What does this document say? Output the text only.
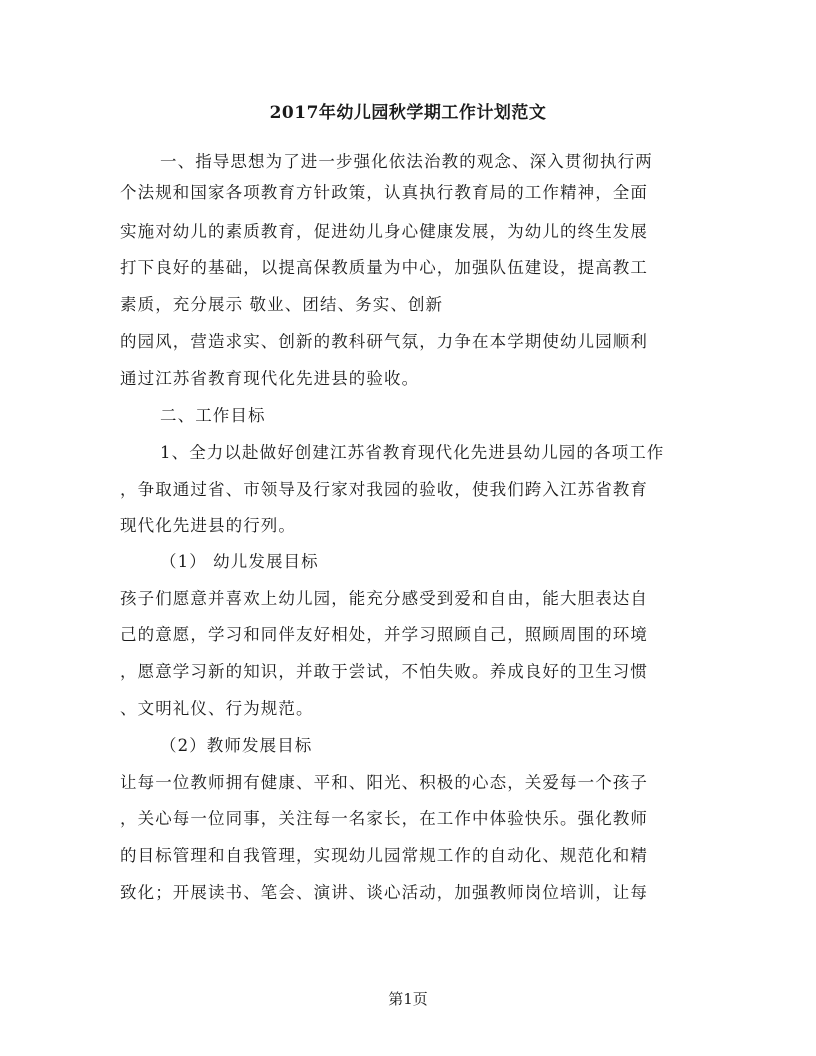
2017年幼儿园秋学期工作计划范文
一、指导思想为了进一步强化依法治教的观念、深入贯彻执行两
个法规和国家各项教育方针政策，认真执行教育局的工作精神，全面
实施对幼儿的素质教育，促进幼儿身心健康发展，为幼儿的终生发展
打下良好的基础，以提高保教质量为中心，加强队伍建设，提高教工
素质，充分展示 敬业、团结、务实、创新
的园风，营造求实、创新的教科研气氛，力争在本学期使幼儿园顺利
通过江苏省教育现代化先进县的验收。
二、工作目标
1、全力以赴做好创建江苏省教育现代化先进县幼儿园的各项工作
，争取通过省、市领导及行家对我园的验收，使我们跨入江苏省教育
现代化先进县的行列。
（1） 幼儿发展目标
孩子们愿意并喜欢上幼儿园，能充分感受到爱和自由，能大胆表达自
己的意愿，学习和同伴友好相处，并学习照顾自己，照顾周围的环境
，愿意学习新的知识，并敢于尝试，不怕失败。养成良好的卫生习惯
、文明礼仪、行为规范。
（2）教师发展目标
让每一位教师拥有健康、平和、阳光、积极的心态，关爱每一个孩子
，关心每一位同事，关注每一名家长，在工作中体验快乐。强化教师
的目标管理和自我管理，实现幼儿园常规工作的自动化、规范化和精
致化；开展读书、笔会、演讲、谈心活动，加强教师岗位培训，让每
第1页
